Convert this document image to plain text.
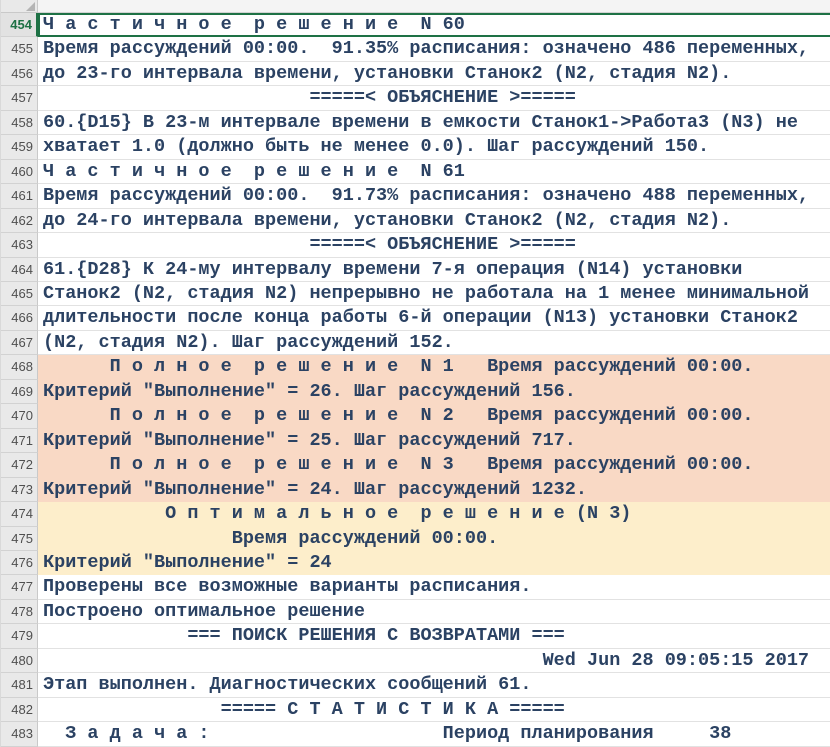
454 Ч а с т и ч н о е  р е ш е н и е  N 60
455 Время рассуждений 00:00.  91.35% расписания: означено 486 переменных,
456 до 23-го интервала времени, установки Станок2 (N2, стадия N2).
457 =====< ОБЪЯСНЕНИЕ >=====
458 60.{D15} В 23-м интервале времени в емкости Станок1->Работа3 (N3) не
459 хватает 1.0 (должно быть не менее 0.0). Шаг рассуждений 150.
460 Ч а с т и ч н о е  р е ш е н и е  N 61
461 Время рассуждений 00:00.  91.73% расписания: означено 488 переменных,
462 до 24-го интервала времени, установки Станок2 (N2, стадия N2).
463 =====< ОБЪЯСНЕНИЕ >=====
464 61.{D28} К 24-му интервалу времени 7-я операция (N14) установки
465 Станок2 (N2, стадия N2) непрерывно не работала на 1 менее минимальной
466 длительности после конца работы 6-й операции (N13) установки Станок2
467 (N2, стадия N2). Шаг рассуждений 152.
468 П о л н о е  р е ш е н и е  N 1   Время рассуждений 00:00.
469 Критерий "Выполнение" = 26. Шаг рассуждений 156.
470 П о л н о е  р е ш е н и е  N 2   Время рассуждений 00:00.
471 Критерий "Выполнение" = 25. Шаг рассуждений 717.
472 П о л н о е  р е ш е н и е  N 3   Время рассуждений 00:00.
473 Критерий "Выполнение" = 24. Шаг рассуждений 1232.
474 О п т и м а л ь н о е  р е ш е н и е (N 3)
475 Время рассуждений 00:00.
476 Критерий "Выполнение" = 24
477 Проверены все возможные варианты расписания.
478 Построено оптимальное решение
479 === ПОИСК РЕШЕНИЯ С ВОЗВРАТАМИ ===
480 Wed Jun 28 09:05:15 2017
481 Этап выполнен. Диагностических сообщений 61.
482 ===== С Т А Т И С Т И К А =====
483 З а д а ч а :                     Период планирования     38
